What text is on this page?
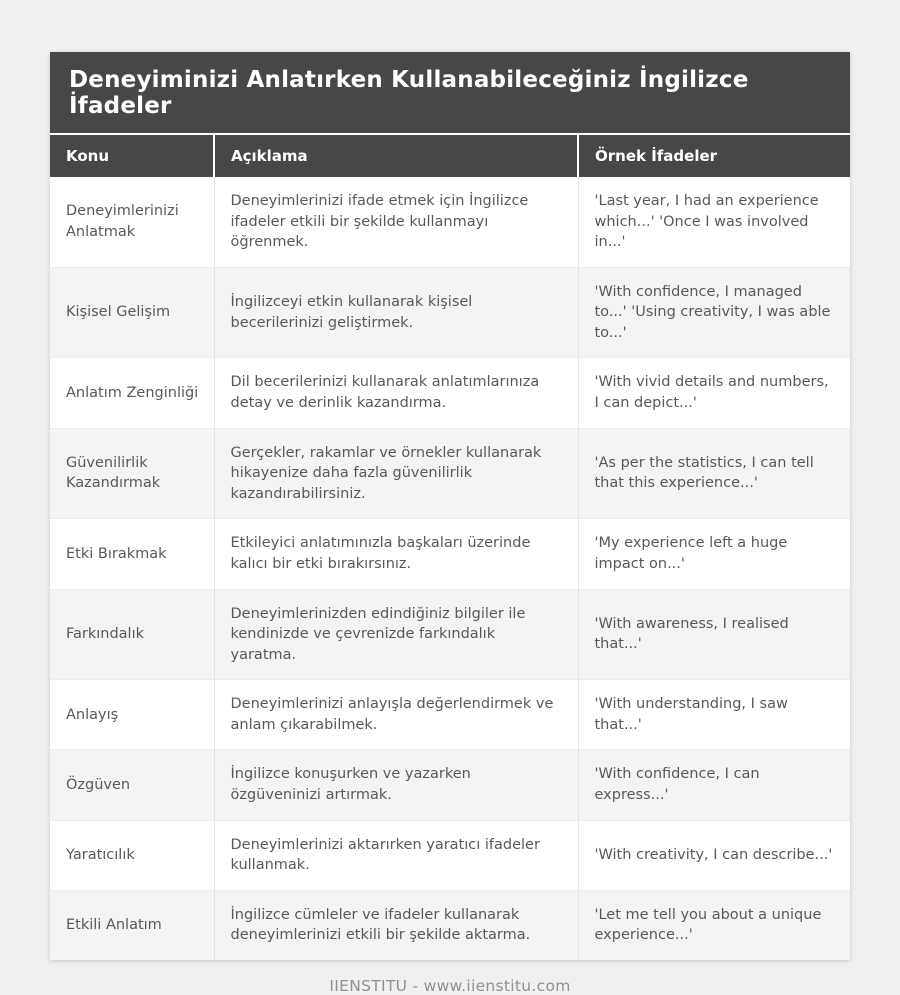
Deneyiminizi Anlatırken Kullanabileceğiniz İngilizce İfadeler
Konu	Açıklama	Örnek İfadeler
Deneyimlerinizi Anlatmak	Deneyimlerinizi ifade etmek için İngilizce ifadeler etkili bir şekilde kullanmayı öğrenmek.	'Last year, I had an experience which...' 'Once I was involved in...'
Kişisel Gelişim	İngilizceyi etkin kullanarak kişisel becerilerinizi geliştirmek.	'With confidence, I managed to...' 'Using creativity, I was able to...'
Anlatım Zenginliği	Dil becerilerinizi kullanarak anlatımlarınıza detay ve derinlik kazandırma.	'With vivid details and numbers, I can depict...'
Güvenilirlik Kazandırmak	Gerçekler, rakamlar ve örnekler kullanarak hikayenize daha fazla güvenilirlik kazandırabilirsiniz.	'As per the statistics, I can tell that this experience...'
Etki Bırakmak	Etkileyici anlatımınızla başkaları üzerinde kalıcı bir etki bırakırsınız.	'My experience left a huge impact on...'
Farkındalık	Deneyimlerinizden edindiğiniz bilgiler ile kendinizde ve çevrenizde farkındalık yaratma.	'With awareness, I realised that...'
Anlayış	Deneyimlerinizi anlayışla değerlendirmek ve anlam çıkarabilmek.	'With understanding, I saw that...'
Özgüven	İngilizce konuşurken ve yazarken özgüveninizi artırmak.	'With confidence, I can express...'
Yaratıcılık	Deneyimlerinizi aktarırken yaratıcı ifadeler kullanmak.	'With creativity, I can describe...'
Etkili Anlatım	İngilizce cümleler ve ifadeler kullanarak deneyimlerinizi etkili bir şekilde aktarma.	'Let me tell you about a unique experience...'
IIENSTITU - www.iienstitu.com
